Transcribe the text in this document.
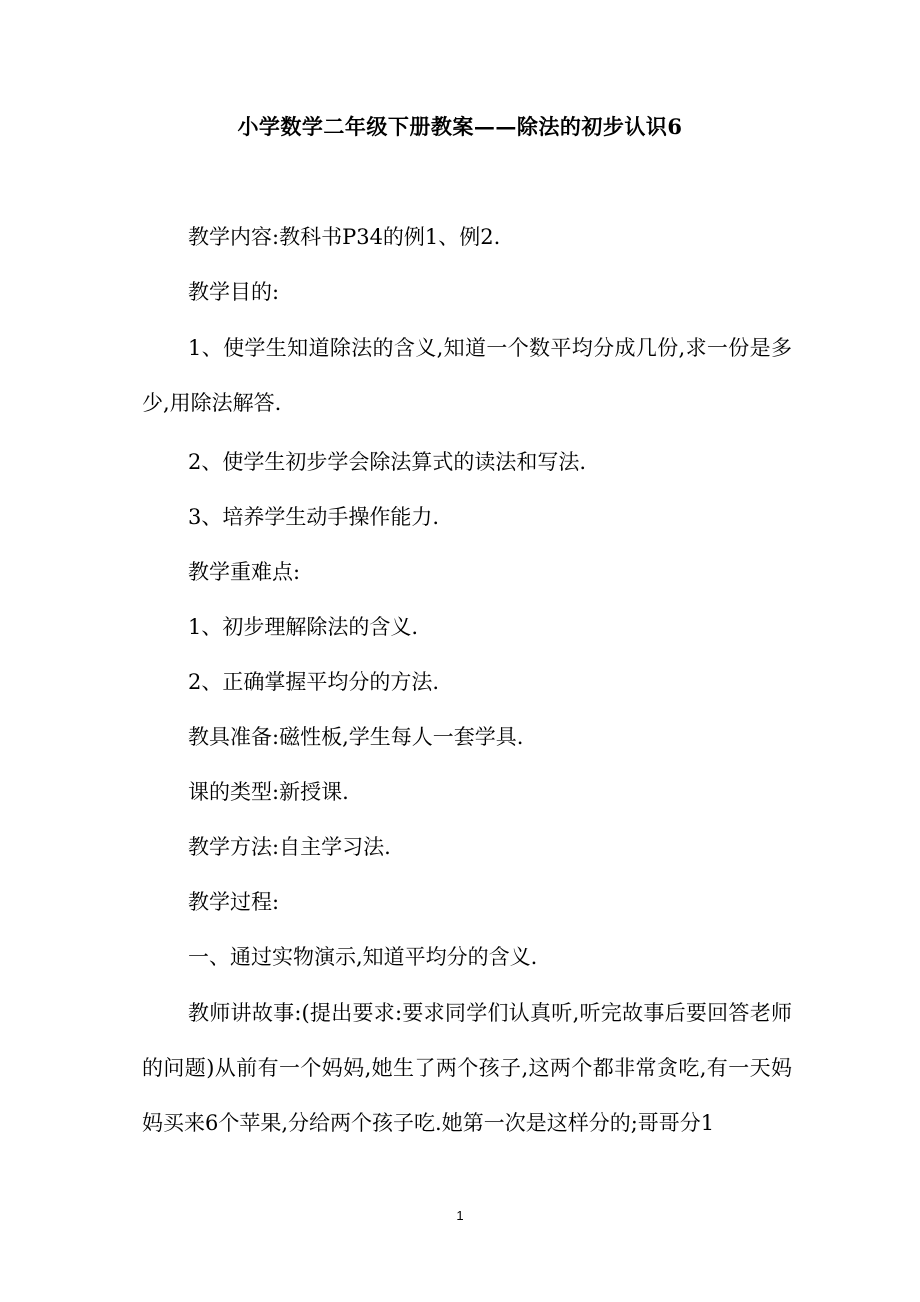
小学数学二年级下册教案——除法的初步认识6
教学内容:教科书P34的例1、例2.
教学目的:
1、使学生知道除法的含义,知道一个数平均分成几份,求一份是多少,用除法解答.
2、使学生初步学会除法算式的读法和写法.
3、培养学生动手操作能力.
教学重难点:
1、初步理解除法的含义.
2、正确掌握平均分的方法.
教具准备:磁性板,学生每人一套学具.
课的类型:新授课.
教学方法:自主学习法.
教学过程:
一、通过实物演示,知道平均分的含义.
教师讲故事:(提出要求:要求同学们认真听,听完故事后要回答老师的问题)从前有一个妈妈,她生了两个孩子,这两个都非常贪吃,有一天妈妈买来6个苹果,分给两个孩子吃.她第一次是这样分的;哥哥分1
1
